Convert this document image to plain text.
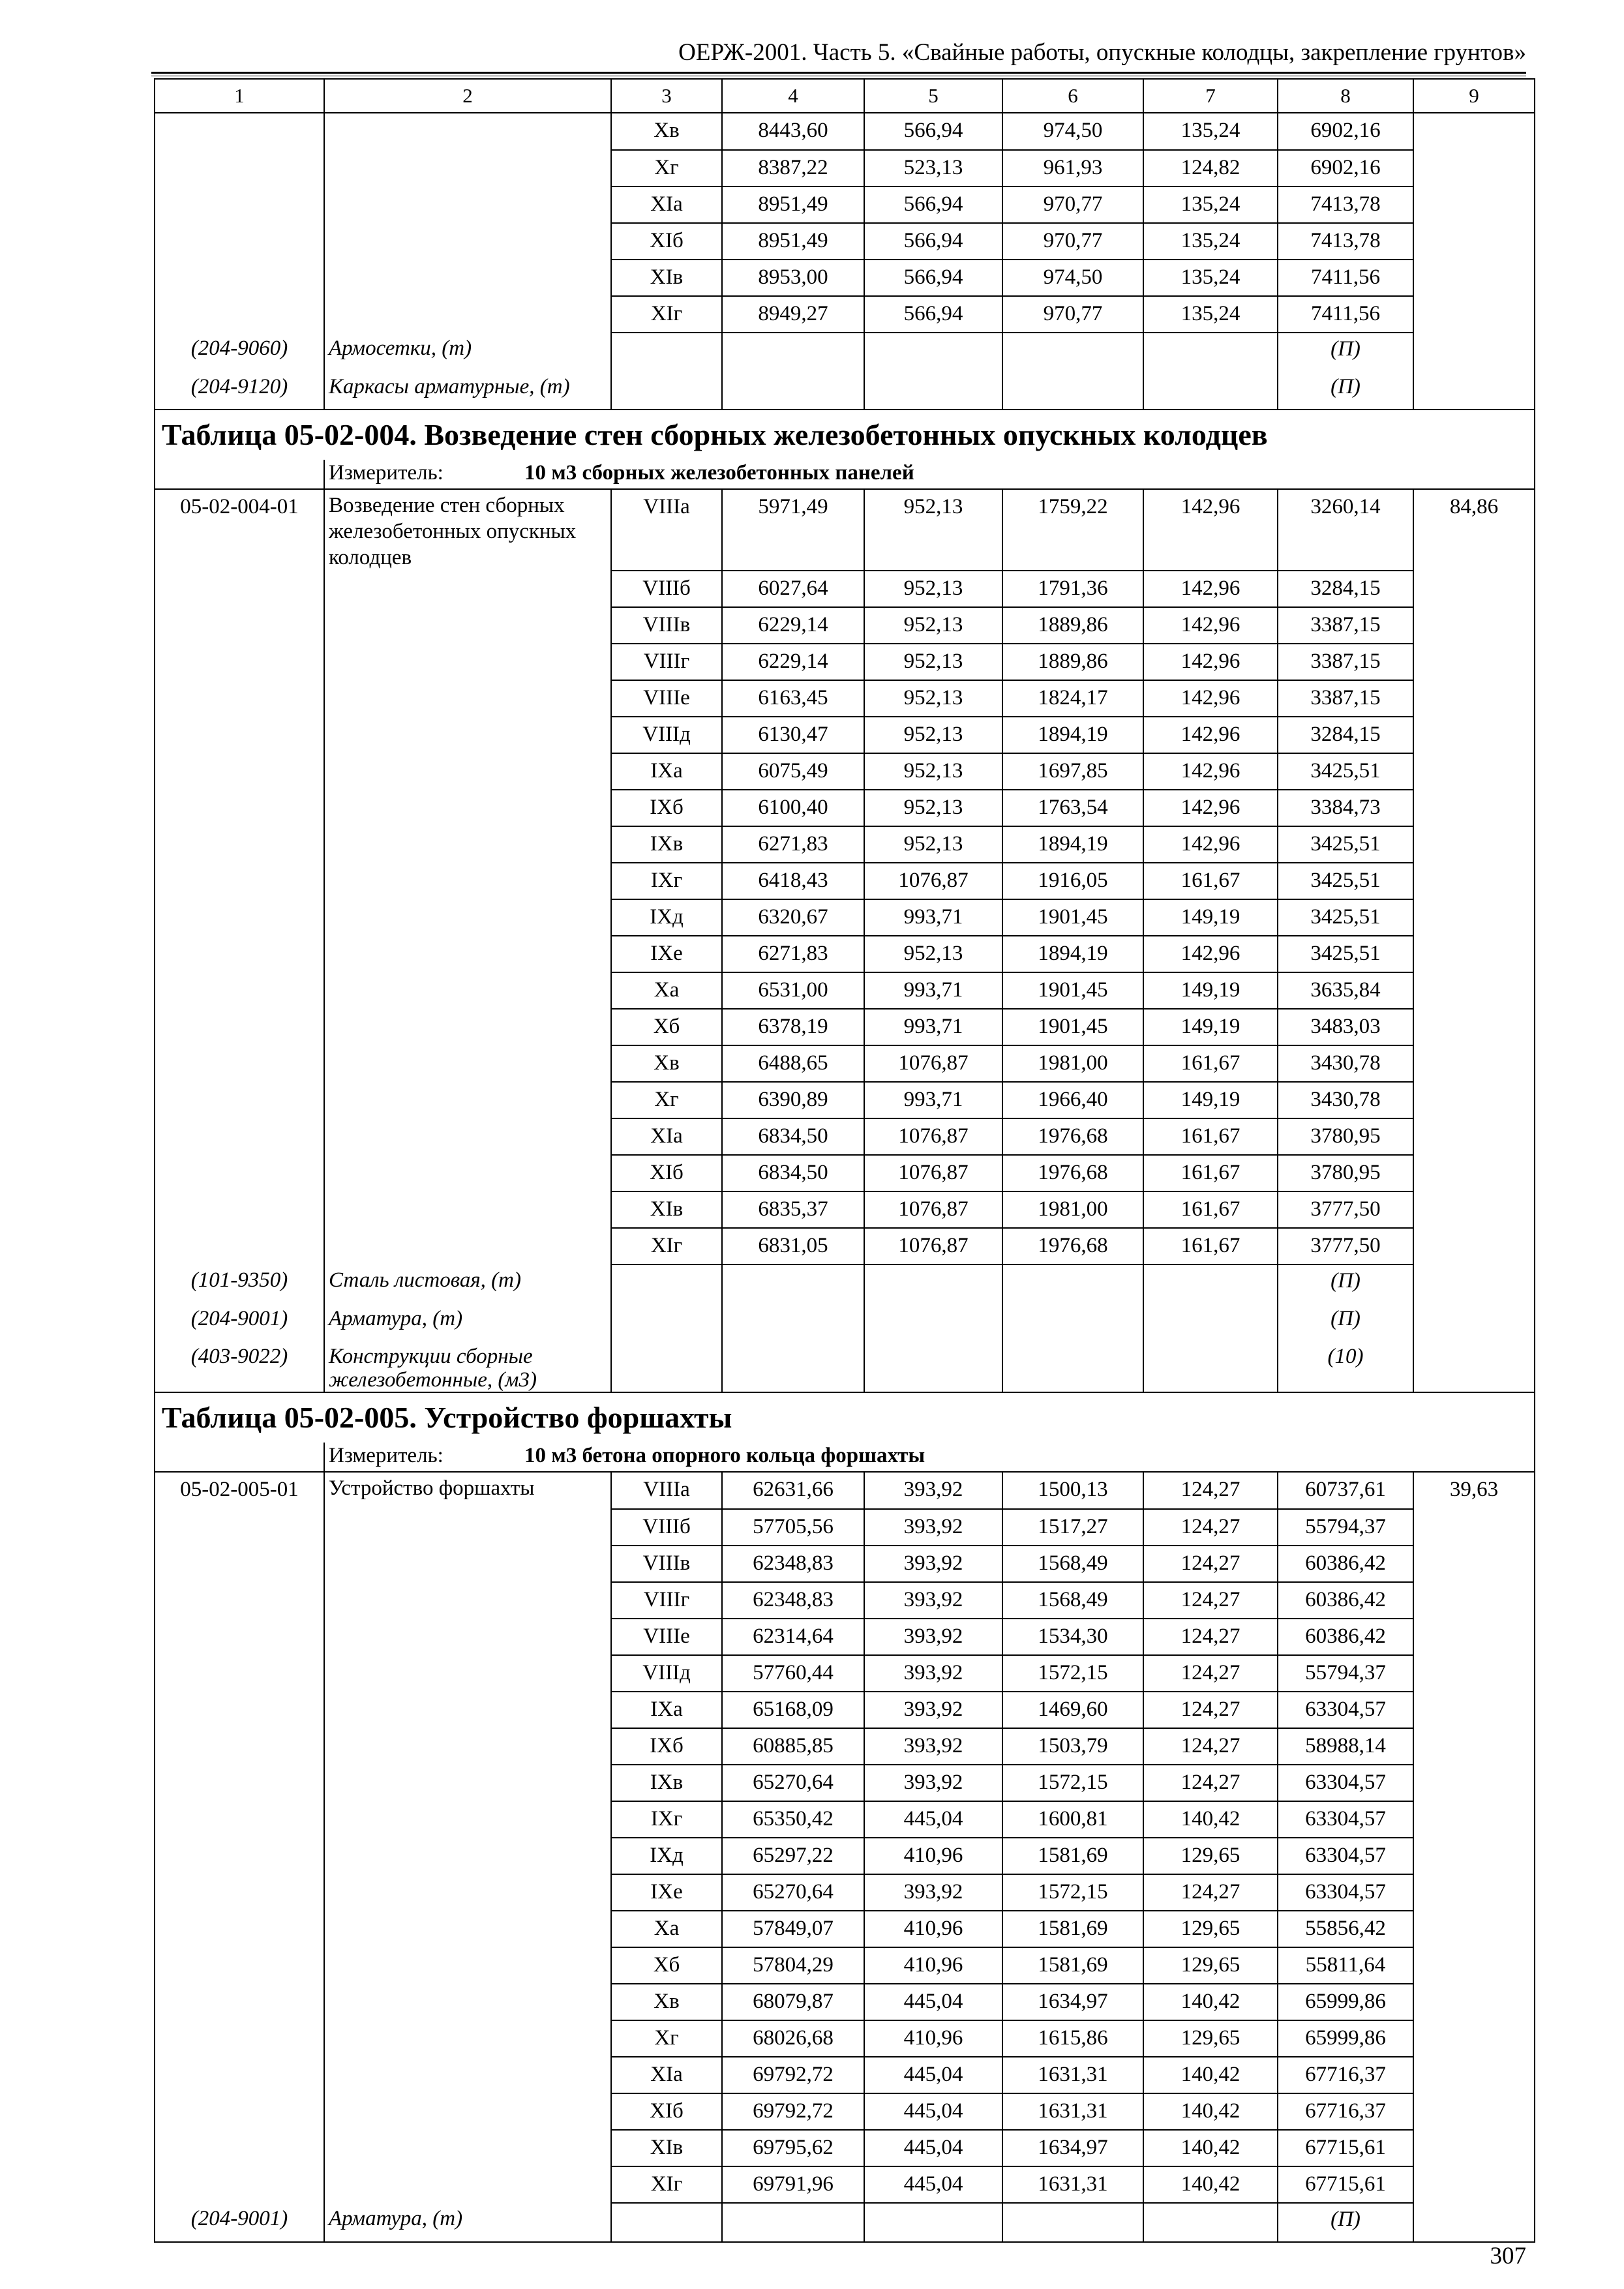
ОЕРЖ-2001. Часть 5. «Свайные работы, опускные колодцы, закрепление грунтов»
1	2	3	4	5	6	7	8	9
		Хв	8443,60	566,94	974,50	135,24	6902,16	
		Хг	8387,22	523,13	961,93	124,82	6902,16	
		ХIа	8951,49	566,94	970,77	135,24	7413,78	
		ХIб	8951,49	566,94	970,77	135,24	7413,78	
		ХIв	8953,00	566,94	974,50	135,24	7411,56	
		ХIг	8949,27	566,94	970,77	135,24	7411,56	
(204-9060)	Армосетки, (т)						(П)	
(204-9120)	Каркасы арматурные, (т)						(П)	
Таблица 05-02-004. Возведение стен сборных железобетонных опускных колодцев								
	Измеритель: 10 м3 сборных железобетонных панелей							
05-02-004-01	Возведение стен сборных железобетонных опускных колодцев	VIIIа	5971,49	952,13	1759,22	142,96	3260,14	84,86
		VIIIб	6027,64	952,13	1791,36	142,96	3284,15	
		VIIIв	6229,14	952,13	1889,86	142,96	3387,15	
		VIIIг	6229,14	952,13	1889,86	142,96	3387,15	
		VIIIе	6163,45	952,13	1824,17	142,96	3387,15	
		VIIIд	6130,47	952,13	1894,19	142,96	3284,15	
		IХа	6075,49	952,13	1697,85	142,96	3425,51	
		IХб	6100,40	952,13	1763,54	142,96	3384,73	
		IХв	6271,83	952,13	1894,19	142,96	3425,51	
		IХг	6418,43	1076,87	1916,05	161,67	3425,51	
		IХд	6320,67	993,71	1901,45	149,19	3425,51	
		IХе	6271,83	952,13	1894,19	142,96	3425,51	
		Ха	6531,00	993,71	1901,45	149,19	3635,84	
		Хб	6378,19	993,71	1901,45	149,19	3483,03	
		Хв	6488,65	1076,87	1981,00	161,67	3430,78	
		Хг	6390,89	993,71	1966,40	149,19	3430,78	
		ХIа	6834,50	1076,87	1976,68	161,67	3780,95	
		ХIб	6834,50	1076,87	1976,68	161,67	3780,95	
		ХIв	6835,37	1076,87	1981,00	161,67	3777,50	
		ХIг	6831,05	1076,87	1976,68	161,67	3777,50	
(101-9350)	Сталь листовая, (т)						(П)	
(204-9001)	Арматура, (т)						(П)	
(403-9022)	Конструкции сборные железобетонные, (м3)						(10)	
Таблица 05-02-005. Устройство форшахты								
	Измеритель: 10 м3 бетона опорного кольца форшахты							
05-02-005-01	Устройство форшахты	VIIIа	62631,66	393,92	1500,13	124,27	60737,61	39,63
		VIIIб	57705,56	393,92	1517,27	124,27	55794,37	
		VIIIв	62348,83	393,92	1568,49	124,27	60386,42	
		VIIIг	62348,83	393,92	1568,49	124,27	60386,42	
		VIIIе	62314,64	393,92	1534,30	124,27	60386,42	
		VIIIд	57760,44	393,92	1572,15	124,27	55794,37	
		IХа	65168,09	393,92	1469,60	124,27	63304,57	
		IХб	60885,85	393,92	1503,79	124,27	58988,14	
		IХв	65270,64	393,92	1572,15	124,27	63304,57	
		IХг	65350,42	445,04	1600,81	140,42	63304,57	
		IХд	65297,22	410,96	1581,69	129,65	63304,57	
		IХе	65270,64	393,92	1572,15	124,27	63304,57	
		Ха	57849,07	410,96	1581,69	129,65	55856,42	
		Хб	57804,29	410,96	1581,69	129,65	55811,64	
		Хв	68079,87	445,04	1634,97	140,42	65999,86	
		Хг	68026,68	410,96	1615,86	129,65	65999,86	
		ХIа	69792,72	445,04	1631,31	140,42	67716,37	
		ХIб	69792,72	445,04	1631,31	140,42	67716,37	
		ХIв	69795,62	445,04	1634,97	140,42	67715,61	
		ХIг	69791,96	445,04	1631,31	140,42	67715,61	
(204-9001)	Арматура, (т)						(П)	
307
